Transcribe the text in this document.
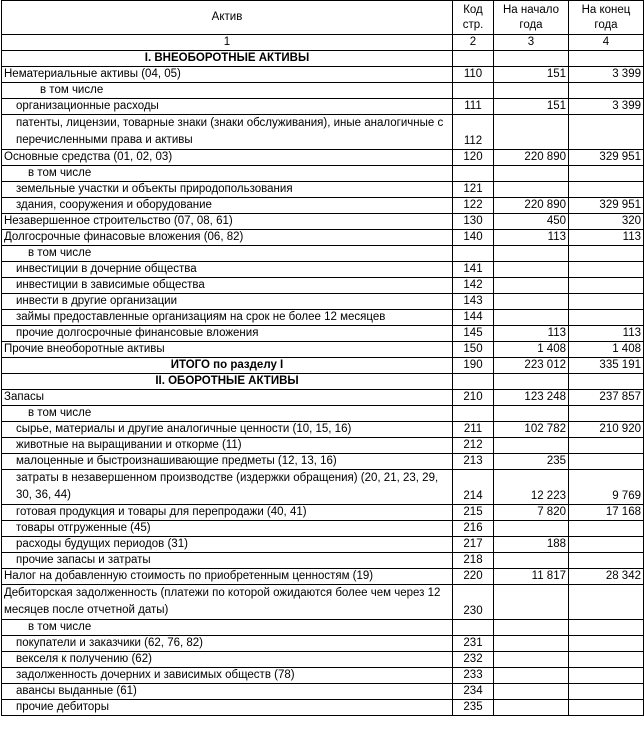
Актив	Код стр.	На начало года	На конец года
1	2	3	4
I. ВНЕОБОРОТНЫЕ АКТИВЫ			
Нематериальные активы (04, 05)	110	151	3 399
в том числе			
организационные расходы	111	151	3 399
патенты, лицензии, товарные знаки (знаки обслуживания), иные аналогичные с перечисленными права и активы	112		
Основные средства (01, 02, 03)	120	220 890	329 951
в том числе			
земельные участки и объекты природопользования	121		
здания, сооружения и оборудование	122	220 890	329 951
Незавершенное строительство (07, 08, 61)	130	450	320
Долгосрочные финасовые вложения (06, 82)	140	113	113
в том числе			
инвестиции в дочерние общества	141		
инвестиции в зависимые общества	142		
инвести в другие организации	143		
займы предоставленные организациям на срок не более 12 месяцев	144		
прочие долгосрочные финансовые вложения	145	113	113
Прочие внеоборотные активы	150	1 408	1 408
ИТОГО по разделу I	190	223 012	335 191
II. ОБОРОТНЫЕ АКТИВЫ			
Запасы	210	123 248	237 857
в том числе			
сырье, материалы и другие аналогичные ценности (10, 15, 16)	211	102 782	210 920
животные на выращивании и откорме (11)	212		
малоценные и быстроизнашивающие предметы (12, 13, 16)	213	235	
затраты в незавершенном производстве (издержки обращения) (20, 21, 23, 29, 30, 36, 44)	214	12 223	9 769
готовая продукция и товары для перепродажи (40, 41)	215	7 820	17 168
товары отгруженные (45)	216		
расходы будущих периодов (31)	217	188	
прочие запасы и затраты	218		
Налог на добавленную стоимость по приобретенным ценностям (19)	220	11 817	28 342
Дебиторская задолженность (платежи по которой ожидаются более чем через 12 месяцев после отчетной даты)	230		
в том числе			
покупатели и заказчики (62, 76, 82)	231		
векселя к получению (62)	232		
задолженность дочерних и зависимых обществ (78)	233		
авансы выданные (61)	234		
прочие дебиторы	235		
